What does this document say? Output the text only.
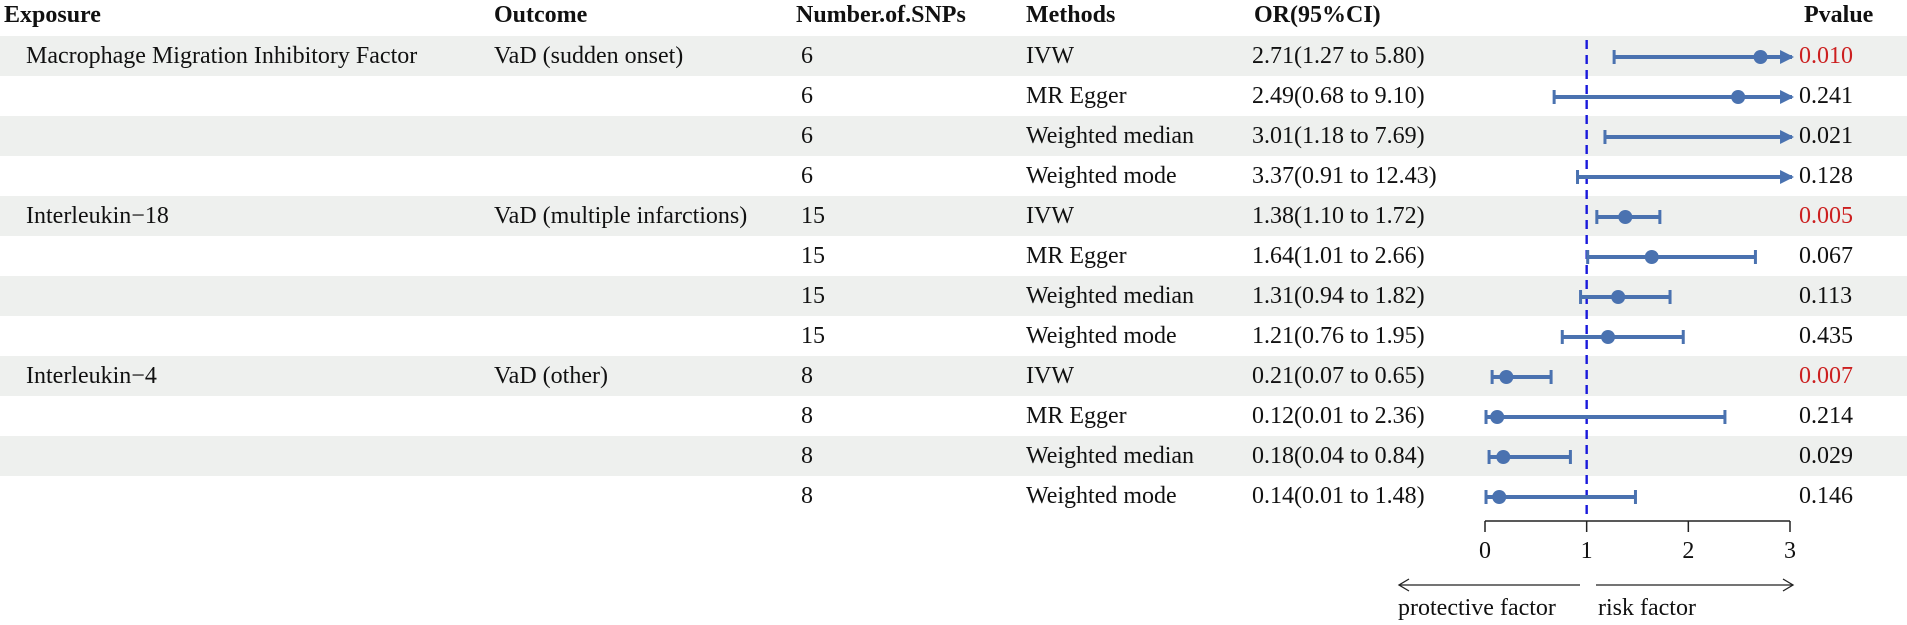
Exposure	Outcome	Number.of.SNPs	Methods	OR(95%CI)	Pvalue
Macrophage Migration Inhibitory Factor	VaD (sudden onset)	6	IVW	2.71(1.27 to 5.80)	0.010
6	MR Egger	2.49(0.68 to 9.10)	0.241
6	Weighted median 3.01(1.18 to 7.69)	0.021
6	Weighted mode	3.37(0.91 to 12.43)	0.128
Interleukin−18	VaD (multiple infarctions) 15	IVW	1.38(1.10 to 1.72)	0.005
15	MR Egger	1.64(1.01 to 2.66)	0.067
15	Weighted median 1.31(0.94 to 1.82)	0.113
15	Weighted mode	1.21(0.76 to 1.95)	0.435
Interleukin−4	VaD (other)	8	IVW	0.21(0.07 to 0.65)	0.007
8	MR Egger	0.12(0.01 to 2.36)	0.214
8	Weighted median 0.18(0.04 to 0.84)	0.029
8	Weighted mode	0.14(0.01 to 1.48)	0.146
0	1	2	3
protective factor risk factor
